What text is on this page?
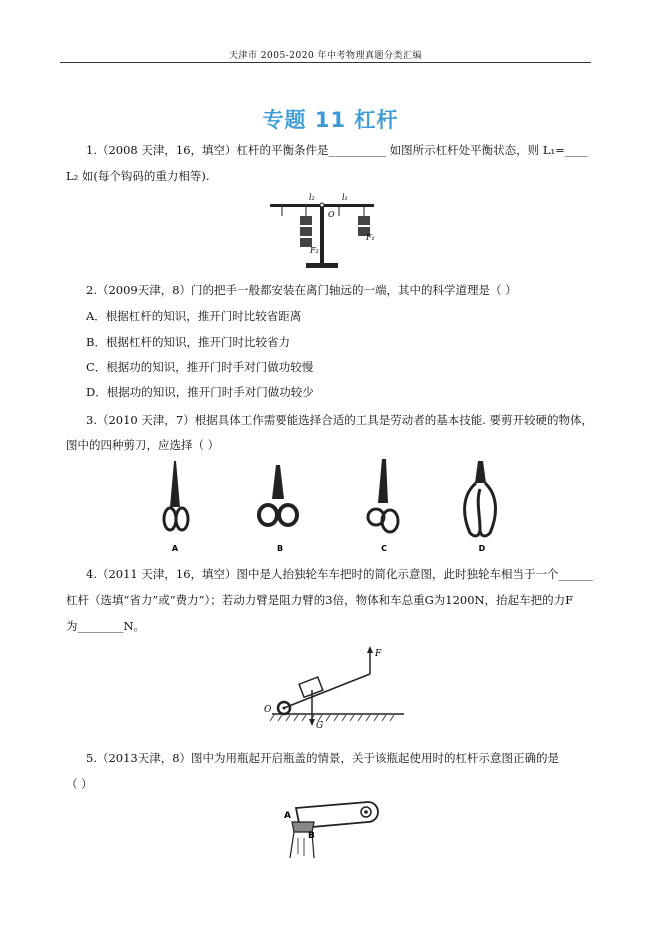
天津市 2005-2020 年中考物理真题分类汇编
专题 11 杠杆
1.（2008 天津，16，填空）杠杆的平衡条件是__________ 如图所示杠杆处平衡状态，则 L₁=____
L₂ 如(每个钩码的重力相等).
l₂	l₁
O
F₂
F₁
2.（2009天津，8）门的把手一般都安装在离门轴远的一端，其中的科学道理是（ ）
A．根据杠杆的知识，推开门时比较省距离
B．根据杠杆的知识，推开门时比较省力
C．根据功的知识，推开门时手对门做功较慢
D．根据功的知识，推开门时手对门做功较少
3.（2010 天津，7）根据具体工作需要能选择合适的工具是劳动者的基本技能. 要剪开较硬的物体，
图中的四种剪刀，应选择（ ）
A	B	C	D
4.（2011 天津，16，填空）图中是人抬独轮车车把时的简化示意图，此时独轮车相当于一个______
杠杆（选填“省力”或“费力”）；若动力臂是阻力臂的3倍，物体和车总重G为1200N，抬起车把的力F
为________N。
F
O
G
5.（2013天津，8）图中为用瓶起开启瓶盖的情景，关于该瓶起使用时的杠杆示意图正确的是
（ ）
A
B
